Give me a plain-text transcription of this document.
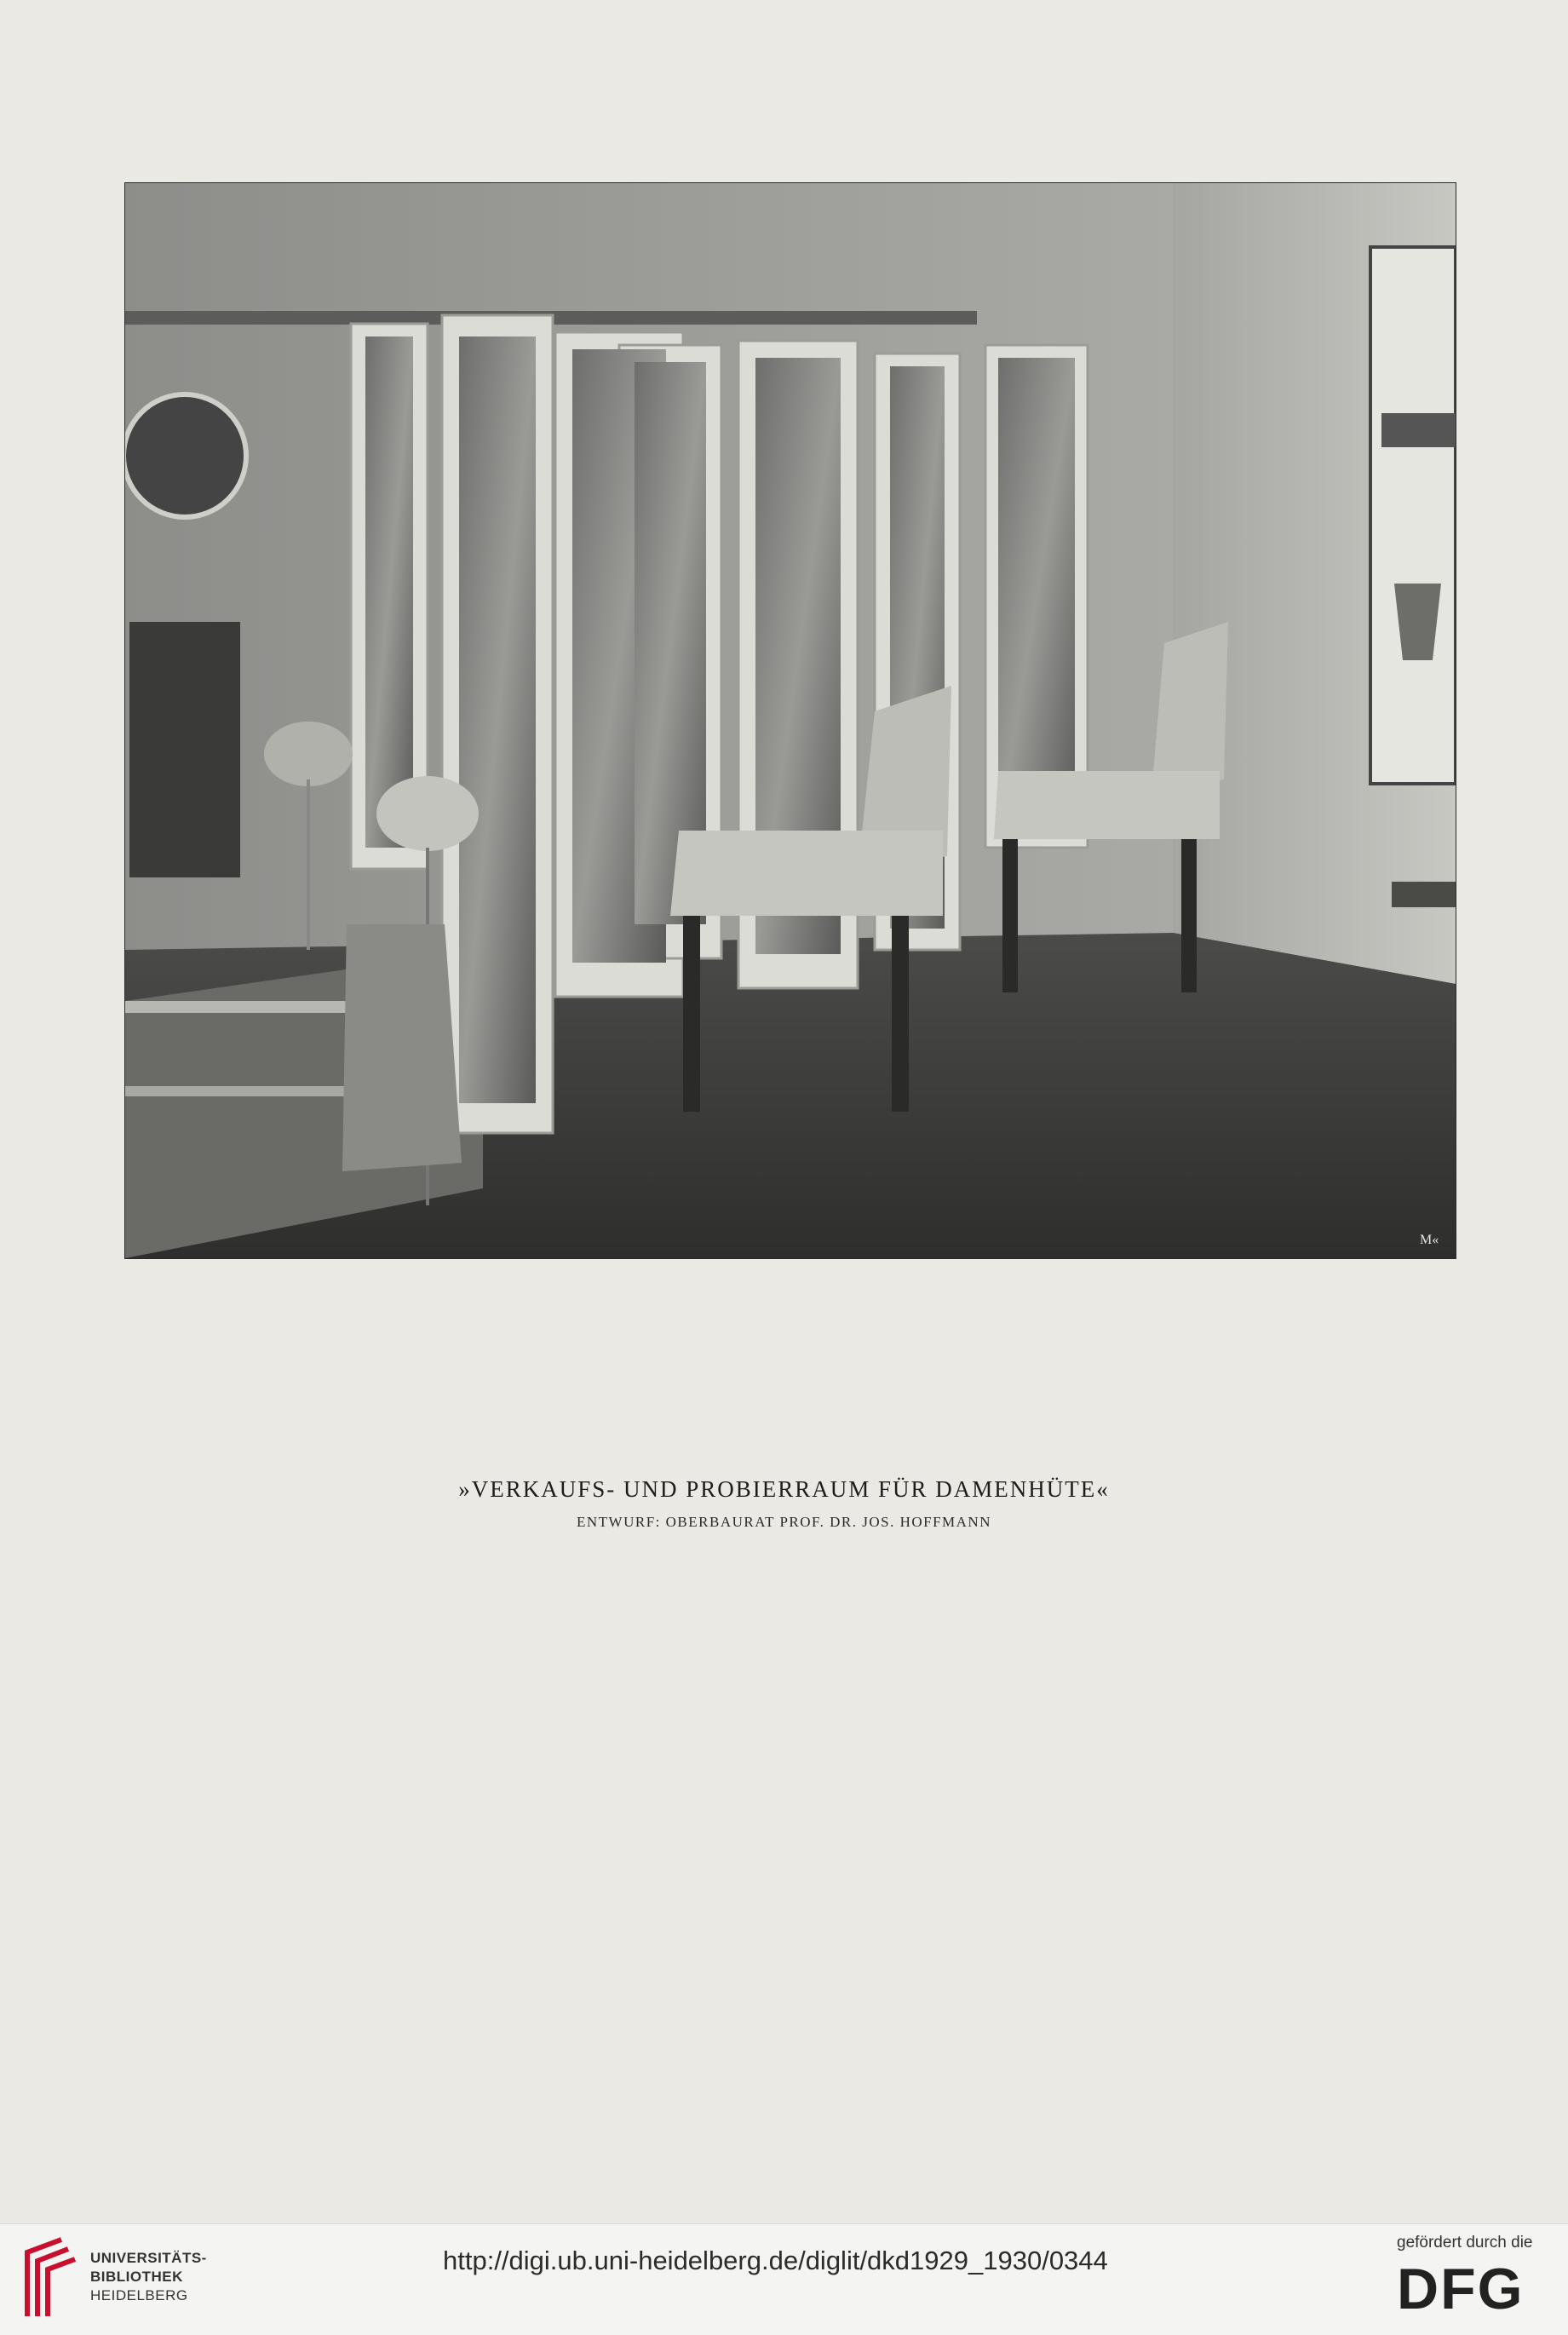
M«
»VERKAUFS- UND PROBIERRAUM FÜR DAMENHÜTE«
ENTWURF: OBERBAURAT PROF. DR. JOS. HOFFMANN
UNIVERSITÄTS-
BIBLIOTHEK
HEIDELBERG
http://digi.ub.uni-heidelberg.de/diglit/dkd1929_1930/0344
gefördert durch die
DFG
